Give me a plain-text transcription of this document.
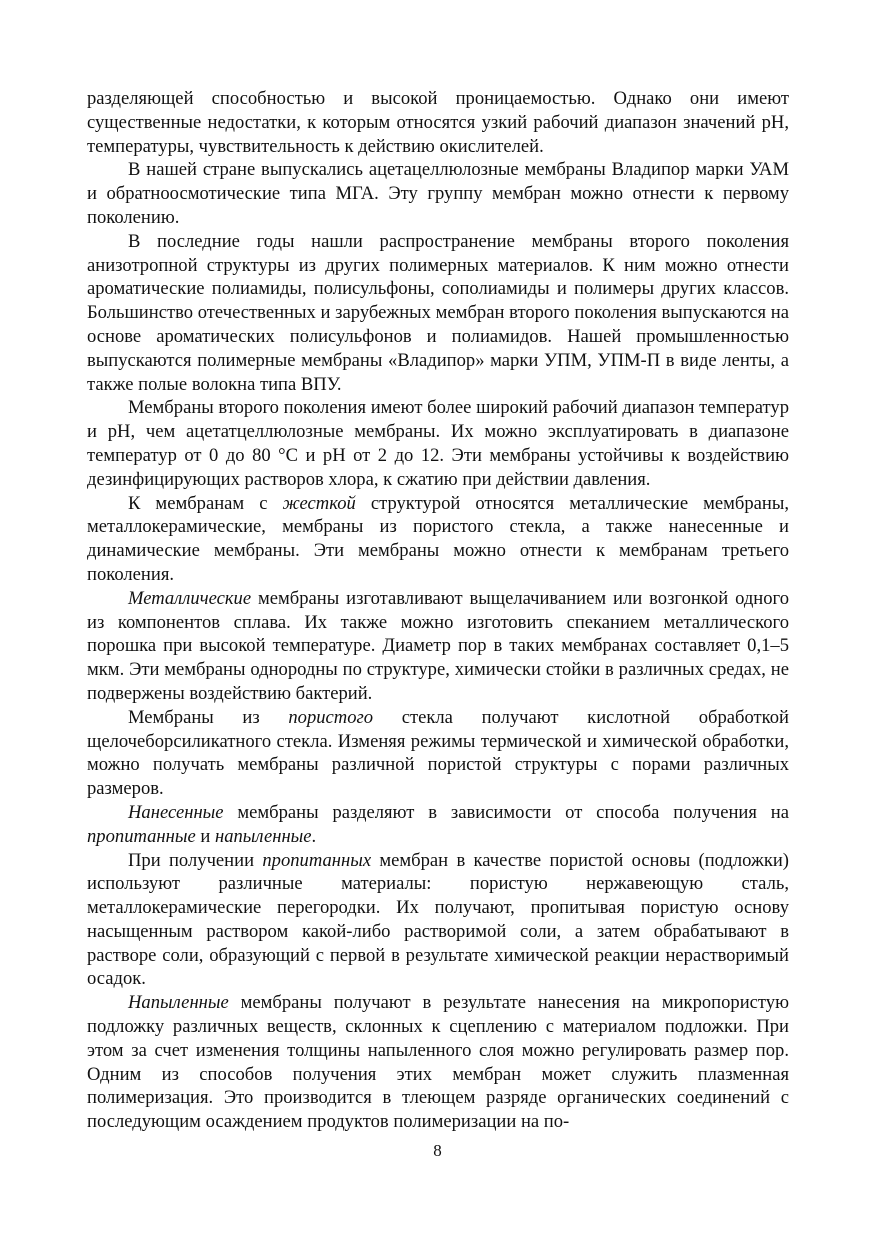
разделяющей способностью и высокой проницаемостью. Однако они имеют существенные недостатки, к которым относятся узкий рабочий диапазон значений рН, температуры, чувствительность к действию окислителей.

В нашей стране выпускались ацетацеллюлозные мембраны Владипор марки УАМ и обратноосмотические типа МГА. Эту группу мембран можно отнести к первому поколению.

В последние годы нашли распространение мембраны второго поколения анизотропной структуры из других полимерных материалов. К ним можно отнести ароматические полиамиды, полисульфоны, сополиамиды и полимеры других классов. Большинство отечественных и зарубежных мембран второго поколения выпускаются на основе ароматических полисульфонов и полиамидов. Нашей промышленностью выпускаются полимерные мембраны «Владипор» марки УПМ, УПМ-П в виде ленты, а также полые волокна типа ВПУ.

Мембраны второго поколения имеют более широкий рабочий диапазон температур и рН, чем ацетатцеллюлозные мембраны. Их можно эксплуатировать в диапазоне температур от 0 до 80 °С и рН от 2 до 12. Эти мембраны устойчивы к воздействию дезинфицирующих растворов хлора, к сжатию при действии давления.

К мембранам с жесткой структурой относятся металлические мембраны, металлокерамические, мембраны из пористого стекла, а также нанесенные и динамические мембраны. Эти мембраны можно отнести к мембранам третьего поколения.

Металлические мембраны изготавливают выщелачиванием или возгонкой одного из компонентов сплава. Их также можно изготовить спеканием металлического порошка при высокой температуре. Диаметр пор в таких мембранах составляет 0,1–5 мкм. Эти мембраны однородны по структуре, химически стойки в различных средах, не подвержены воздействию бактерий.

Мембраны из пористого стекла получают кислотной обработкой щелочеборсиликатного стекла. Изменяя режимы термической и химической обработки, можно получать мембраны различной пористой структуры с порами различных размеров.

Нанесенные мембраны разделяют в зависимости от способа получения на пропитанные и напыленные.

При получении пропитанных мембран в качестве пористой основы (подложки) используют различные материалы: пористую нержавеющую сталь, металлокерамические перегородки. Их получают, пропитывая пористую основу насыщенным раствором какой-либо растворимой соли, а затем обрабатывают в растворе соли, образующий с первой в результате химической реакции нерастворимый осадок.

Напыленные мембраны получают в результате нанесения на микропористую подложку различных веществ, склонных к сцеплению с материалом подложки. При этом за счет изменения толщины напыленного слоя можно регулировать размер пор. Одним из способов получения этих мембран может служить плазменная полимеризация. Это производится в тлеющем разряде органических соединений с последующим осаждением продуктов полимеризации на по-

8
